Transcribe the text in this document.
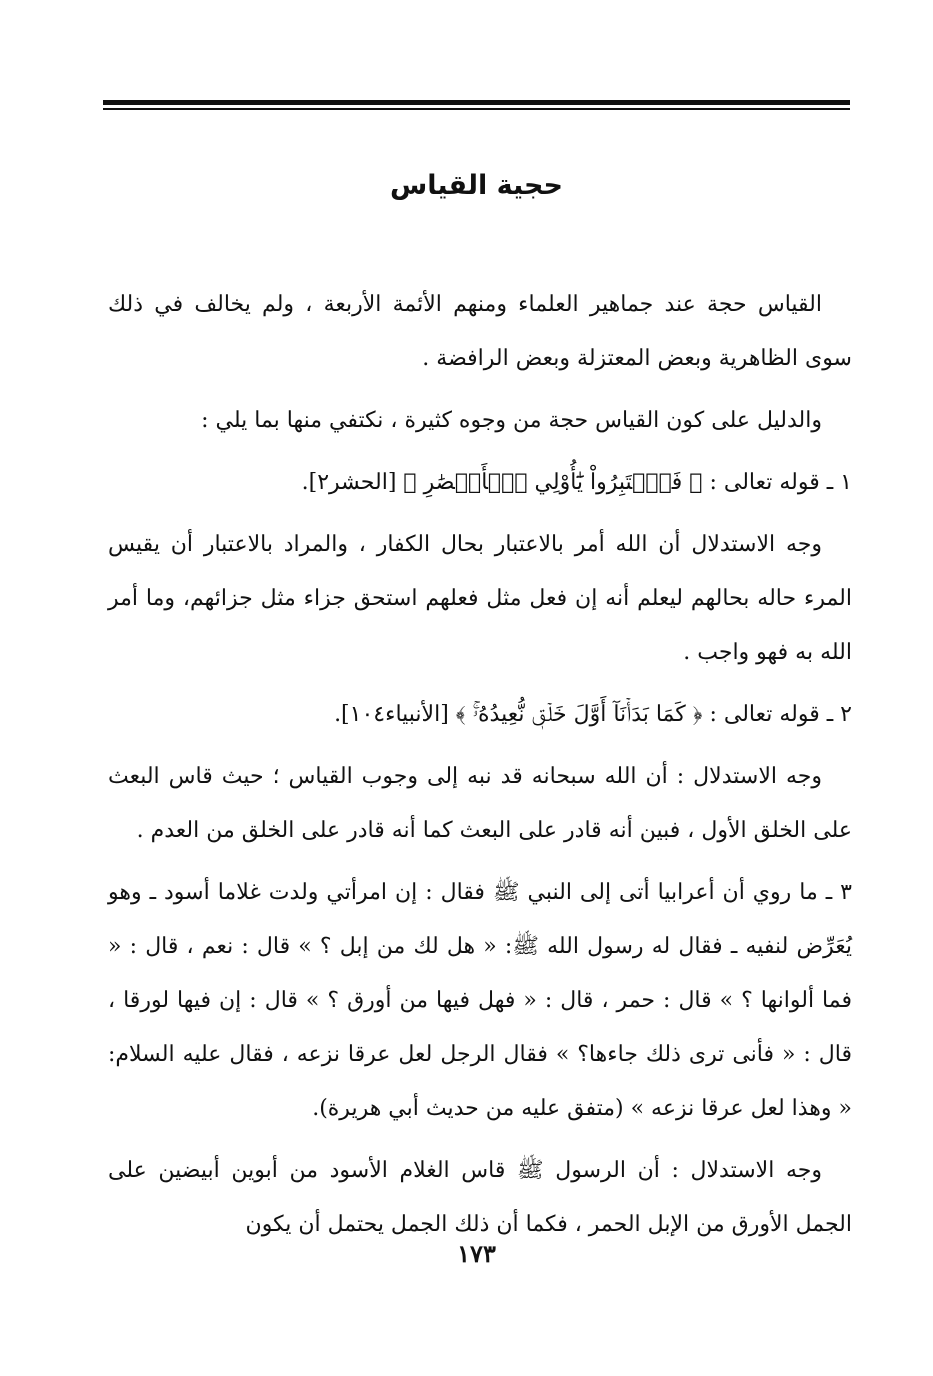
حجية القياس

القياس حجة عند جماهير العلماء ومنهم الأئمة الأربعة ، ولم يخالف في ذلك سوى الظاهرية وبعض المعتزلة وبعض الرافضة .

والدليل على كون القياس حجة من وجوه كثيرة ، نكتفي منها بما يلي :

١ ـ قوله تعالى : ﴿ فَٱعۡتَبِرُواْ يَٰٓأُوْلِي ٱلۡأَبۡصَٰرِ ﴾ [الحشر٢].

وجه الاستدلال أن الله أمر بالاعتبار بحال الكفار ، والمراد بالاعتبار أن يقيس المرء حاله بحالهم ليعلم أنه إن فعل مثل فعلهم استحق جزاء مثل جزائهم، وما أمر الله به فهو واجب .

٢ ـ قوله تعالى : ﴿ كَمَا بَدَأۡنَآ أَوَّلَ خَلۡقٖ نُّعِيدُهُۥۚ ﴾ [الأنبياء١٠٤].

وجه الاستدلال : أن الله سبحانه قد نبه إلى وجوب القياس ؛ حيث قاس البعث على الخلق الأول ، فبين أنه قادر على البعث كما أنه قادر على الخلق من العدم .

٣ ـ ما روي أن أعرابيا أتى إلى النبي ﷺ فقال : إن امرأتي ولدت غلاما أسود ـ وهو يُعَرِّض لنفيه ـ فقال له رسول الله ﷺ: « هل لك من إبل ؟ » قال : نعم ، قال : « فما ألوانها ؟ » قال : حمر ، قال : « فهل فيها من أورق ؟ » قال : إن فيها لورقا ، قال : « فأنى ترى ذلك جاءها؟ » فقال الرجل لعل عرقا نزعه ، فقال عليه السلام: « وهذا لعل عرقا نزعه » (متفق عليه من حديث أبي هريرة).

وجه الاستدلال : أن الرسول ﷺ قاس الغلام الأسود من أبوين أبيضين على الجمل الأورق من الإبل الحمر ، فكما أن ذلك الجمل يحتمل أن يكون

١٧٣
